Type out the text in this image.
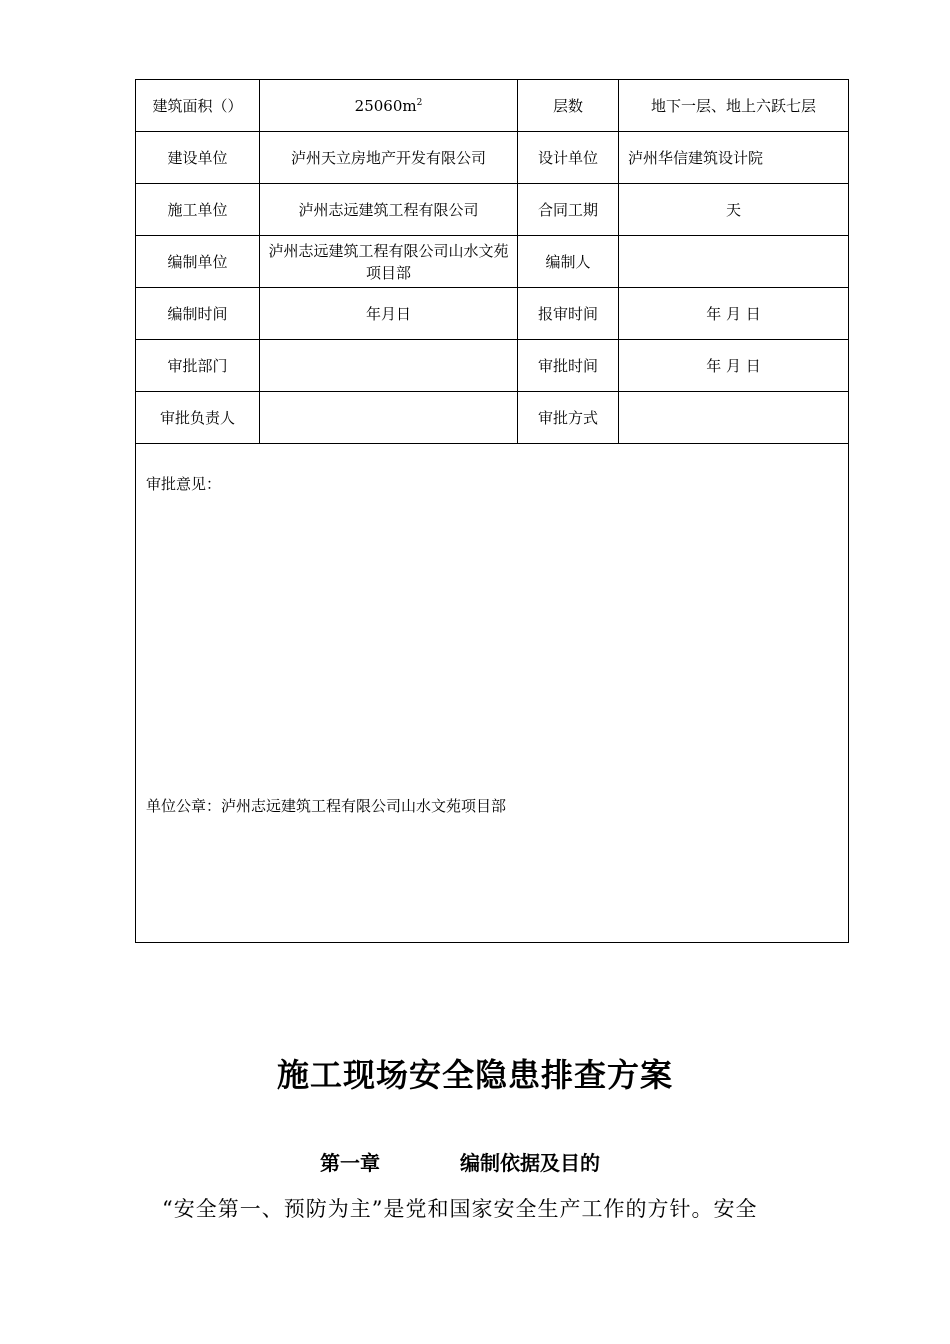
建筑面积（）	$25060m^2$	层数	地下一层、地上六跃七层
建设单位	泸州天立房地产开发有限公司	设计单位	泸州华信建筑设计院
施工单位	泸州志远建筑工程有限公司	合同工期	天
编制单位	泸州志远建筑工程有限公司山水文苑项目部	编制人	
编制时间	年月日	报审时间	年 月 日
审批部门		审批时间	年 月 日
审批负责人		审批方式	

审批意见：
单位公章：泸州志远建筑工程有限公司山水文苑项目部			
施工现场安全隐患排查方案
第一章	编制依据及目的
“安全第一、预防为主”是党和国家安全生产工作的方针。安全
